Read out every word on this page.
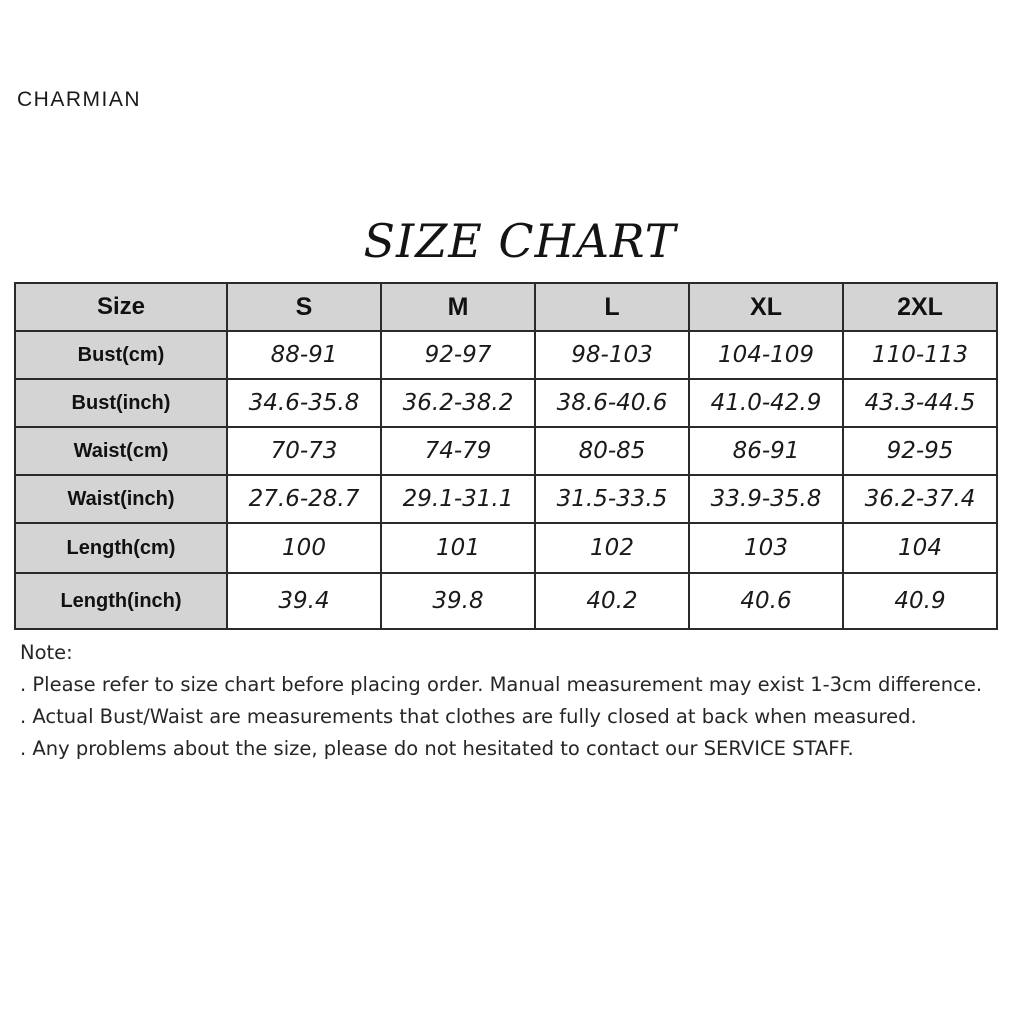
CHARMIAN
SIZE CHART
Size	S	M	L	XL	2XL
Bust(cm)	88-91	92-97	98-103	104-109	110-113
Bust(inch)	34.6-35.8	36.2-38.2	38.6-40.6	41.0-42.9	43.3-44.5
Waist(cm)	70-73	74-79	80-85	86-91	92-95
Waist(inch)	27.6-28.7	29.1-31.1	31.5-33.5	33.9-35.8	36.2-37.4
Length(cm)	100	101	102	103	104
Length(inch)	39.4	39.8	40.2	40.6	40.9

Note:

. Please refer to size chart before placing order. Manual measurement may exist 1-3cm difference.

. Actual Bust/Waist are measurements that clothes are fully closed at back when measured.

. Any problems about the size, please do not hesitated to contact our SERVICE STAFF.
